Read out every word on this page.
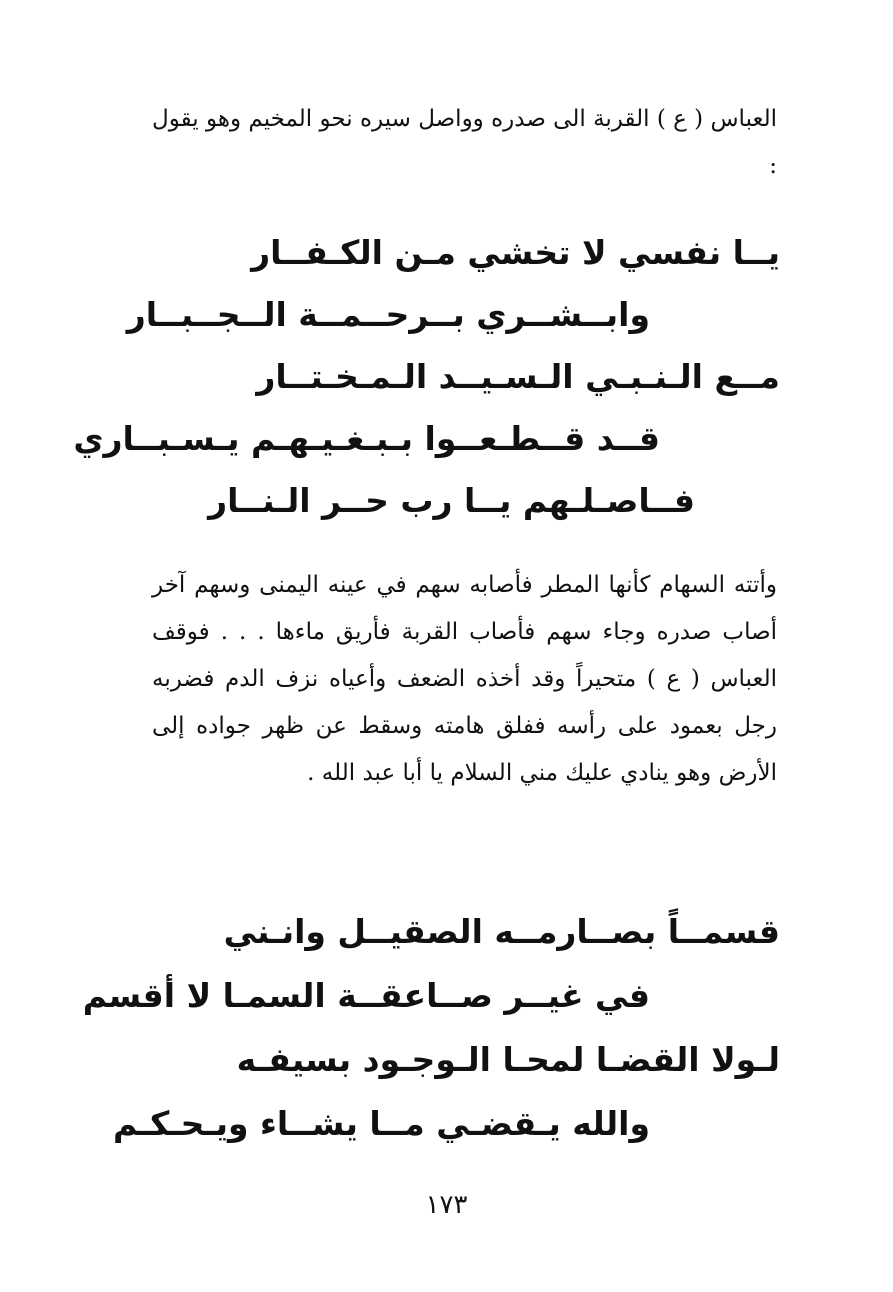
العباس ( ع ) القربة الى صدره وواصل سيره نحو المخيم وهو يقول :

يــا نفسي لا تخشي مـن الكـفــار
وابــشــري بــرحــمــة الــجــبــار
مــع الـنـبـي الـسـيــد الـمـخـتــار
قــد قــطـعــوا بـبـغـيـهـم يـسـبــاري
فــاصـلـهم يــا رب حــر الـنــار

وأتته السهام كأنها المطر فأصابه سهم في عينه اليمنى وسهم آخر أصاب صدره وجاء سهم فأصاب القربة فأريق ماءها . . . فوقف العباس ( ع ) متحيراً وقد أخذه الضعف وأعياه نزف الدم فضربه رجل بعمود على رأسه ففلق هامته وسقط عن ظهر جواده إلى الأرض وهو ينادي عليك مني السلام يا أبا عبد الله .

قسمــاً بصــارمــه الصقيــل وانـني
في غيــر صــاعقــة السمـا لا أقسم
لـولا القضـا لمحـا الـوجـود بسيفـه
والله يـقضـي مــا يشــاء ويـحـكـم
١٧٣
